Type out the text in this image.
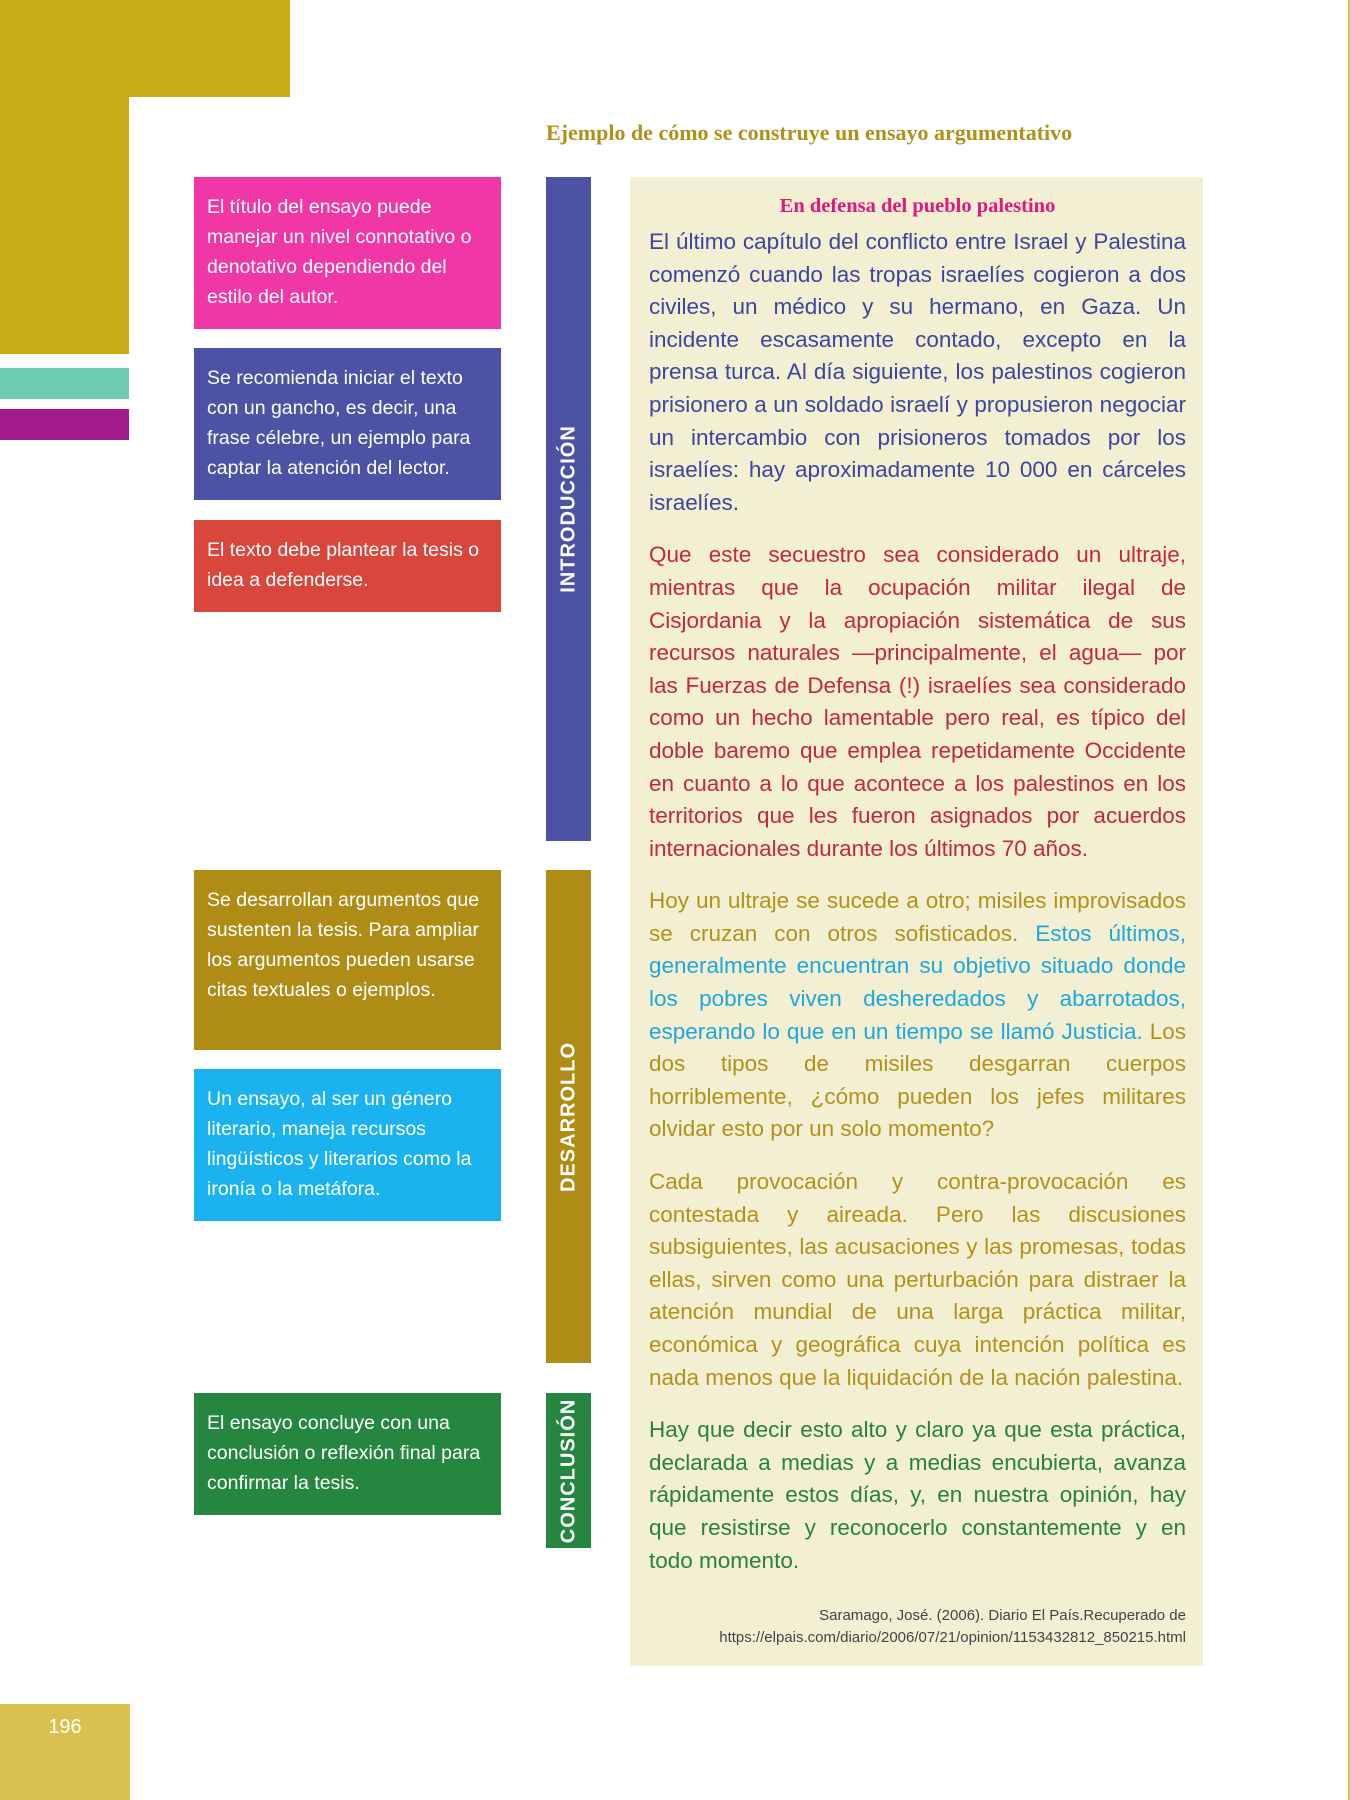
Ejemplo de cómo se construye un ensayo argumentativo
El título del ensayo puede manejar un nivel connotativo o denotativo dependiendo del estilo del autor.
Se recomienda iniciar el texto con un gancho, es decir, una frase célebre, un ejemplo para captar la atención del lector.
El texto debe plantear la tesis o idea a defenderse.
Se desarrollan argumentos que sustenten la tesis. Para ampliar los argumentos pueden usarse citas textuales o ejemplos.
Un ensayo, al ser un género literario, maneja recursos lingüísticos y literarios como la ironía o la metáfora.
El ensayo concluye con una conclusión o reflexión final para confirmar la tesis.
INTRODUCCIÓN
DESARROLLO
CONCLUSIÓN
En defensa del pueblo palestino

El último capítulo del conflicto entre Israel y Palestina comenzó cuando las tropas israelíes cogieron a dos civiles, un médico y su hermano, en Gaza. Un incidente escasamente contado, excepto en la prensa turca. Al día siguiente, los palestinos cogieron prisionero a un soldado israelí y propusieron negociar un intercambio con prisioneros tomados por los israelíes: hay aproximadamente 10 000 en cárceles israelíes.

Que este secuestro sea considerado un ultraje, mientras que la ocupación militar ilegal de Cisjordania y la apropiación sistemática de sus recursos naturales —principalmente, el agua— por las Fuerzas de Defensa (!) israelíes sea considerado como un hecho lamentable pero real, es típico del doble baremo que emplea repetidamente Occidente en cuanto a lo que acontece a los palestinos en los territorios que les fueron asignados por acuerdos internacionales durante los últimos 70 años.

Hoy un ultraje se sucede a otro; misiles improvisados se cruzan con otros sofisticados. Estos últimos, generalmente encuentran su objetivo situado donde los pobres viven desheredados y abarrotados, esperando lo que en un tiempo se llamó Justicia. Los dos tipos de misiles desgarran cuerpos horriblemente, ¿cómo pueden los jefes militares olvidar esto por un solo momento?

Cada provocación y contra-provocación es contestada y aireada. Pero las discusiones subsiguientes, las acusaciones y las promesas, todas ellas, sirven como una perturbación para distraer la atención mundial de una larga práctica militar, económica y geográfica cuya intención política es nada menos que la liquidación de la nación palestina.

Hay que decir esto alto y claro ya que esta práctica, declarada a medias y a medias encubierta, avanza rápidamente estos días, y, en nuestra opinión, hay que resistirse y reconocerlo constantemente y en todo momento.

Saramago, José. (2006). Diario El País.Recuperado de
https://elpais.com/diario/2006/07/21/opinion/1153432812_850215.html
196
